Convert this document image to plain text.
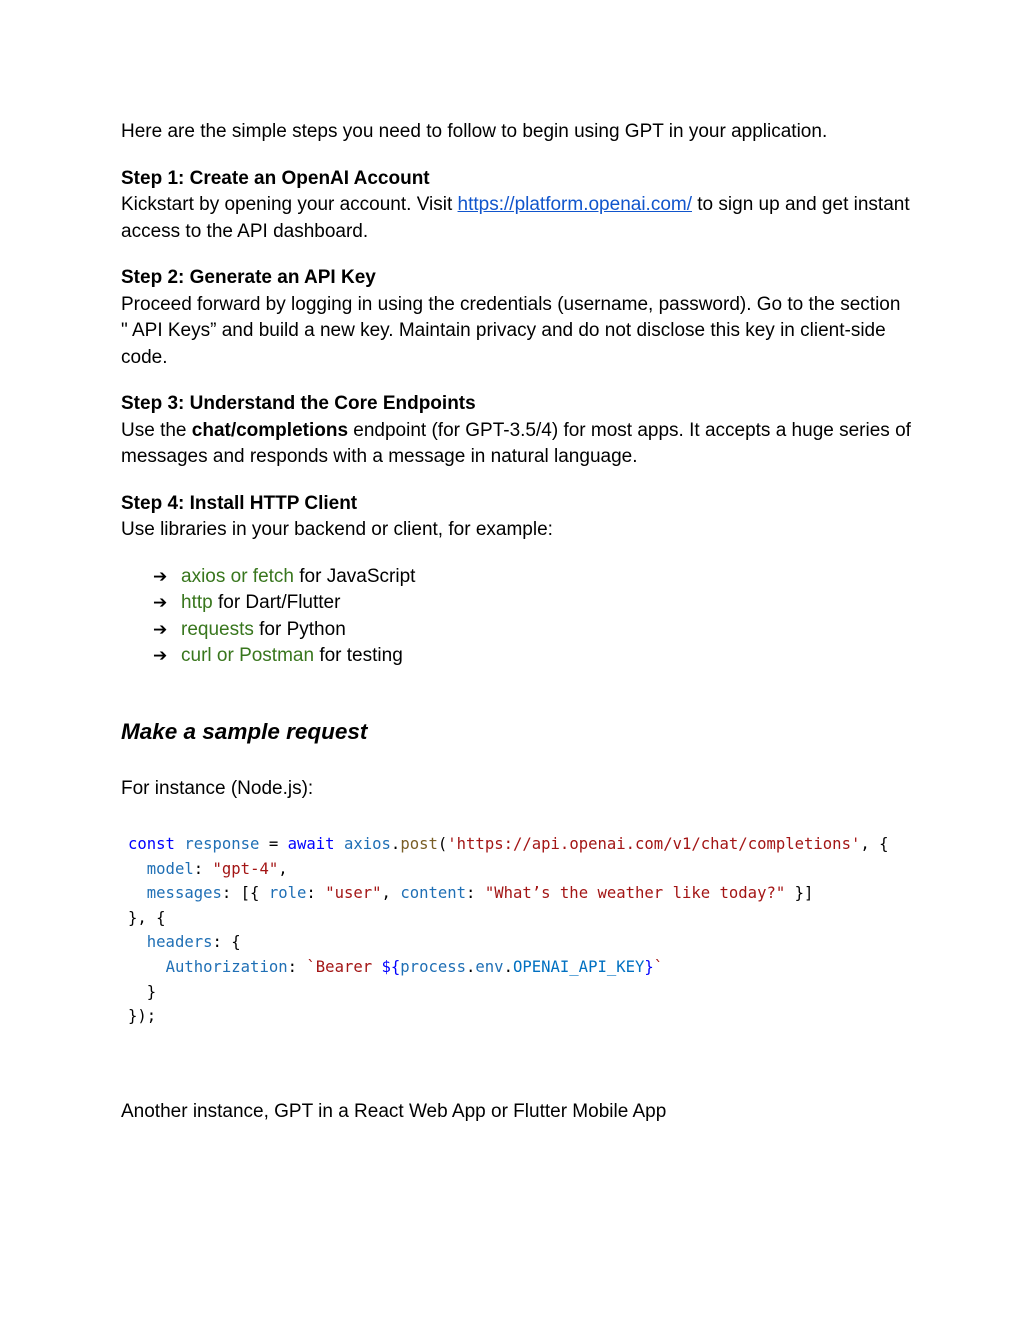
Here are the simple steps you need to follow to begin using GPT in your application.

Step 1: Create an OpenAI Account

Kickstart by opening your account. Visit https://platform.openai.com/ to sign up and get instant access to the API dashboard.

Step 2: Generate an API Key

Proceed forward by logging in using the credentials (username, password). Go to the section " API Keys” and build a new key. Maintain privacy and do not disclose this key in client-side code.

Step 3: Understand the Core Endpoints

Use the chat/completions endpoint (for GPT-3.5/4) for most apps. It accepts a huge series of messages and responds with a message in natural language.

Step 4: Install HTTP Client

Use libraries in your backend or client, for example:

➔ axios or fetch for JavaScript
➔ http for Dart/Flutter
➔ requests for Python
➔ curl or Postman for testing
Make a sample request

For instance (Node.js):

const response = await axios.post('https://api.openai.com/v1/chat/completions', {
model: "gpt-4",
messages: [{ role: "user", content: "What’s the weather like today?" }]
}, {
headers: {
Authorization: `Bearer ${process.env.OPENAI_API_KEY}`
}
});

Another instance, GPT in a React Web App or Flutter Mobile App
